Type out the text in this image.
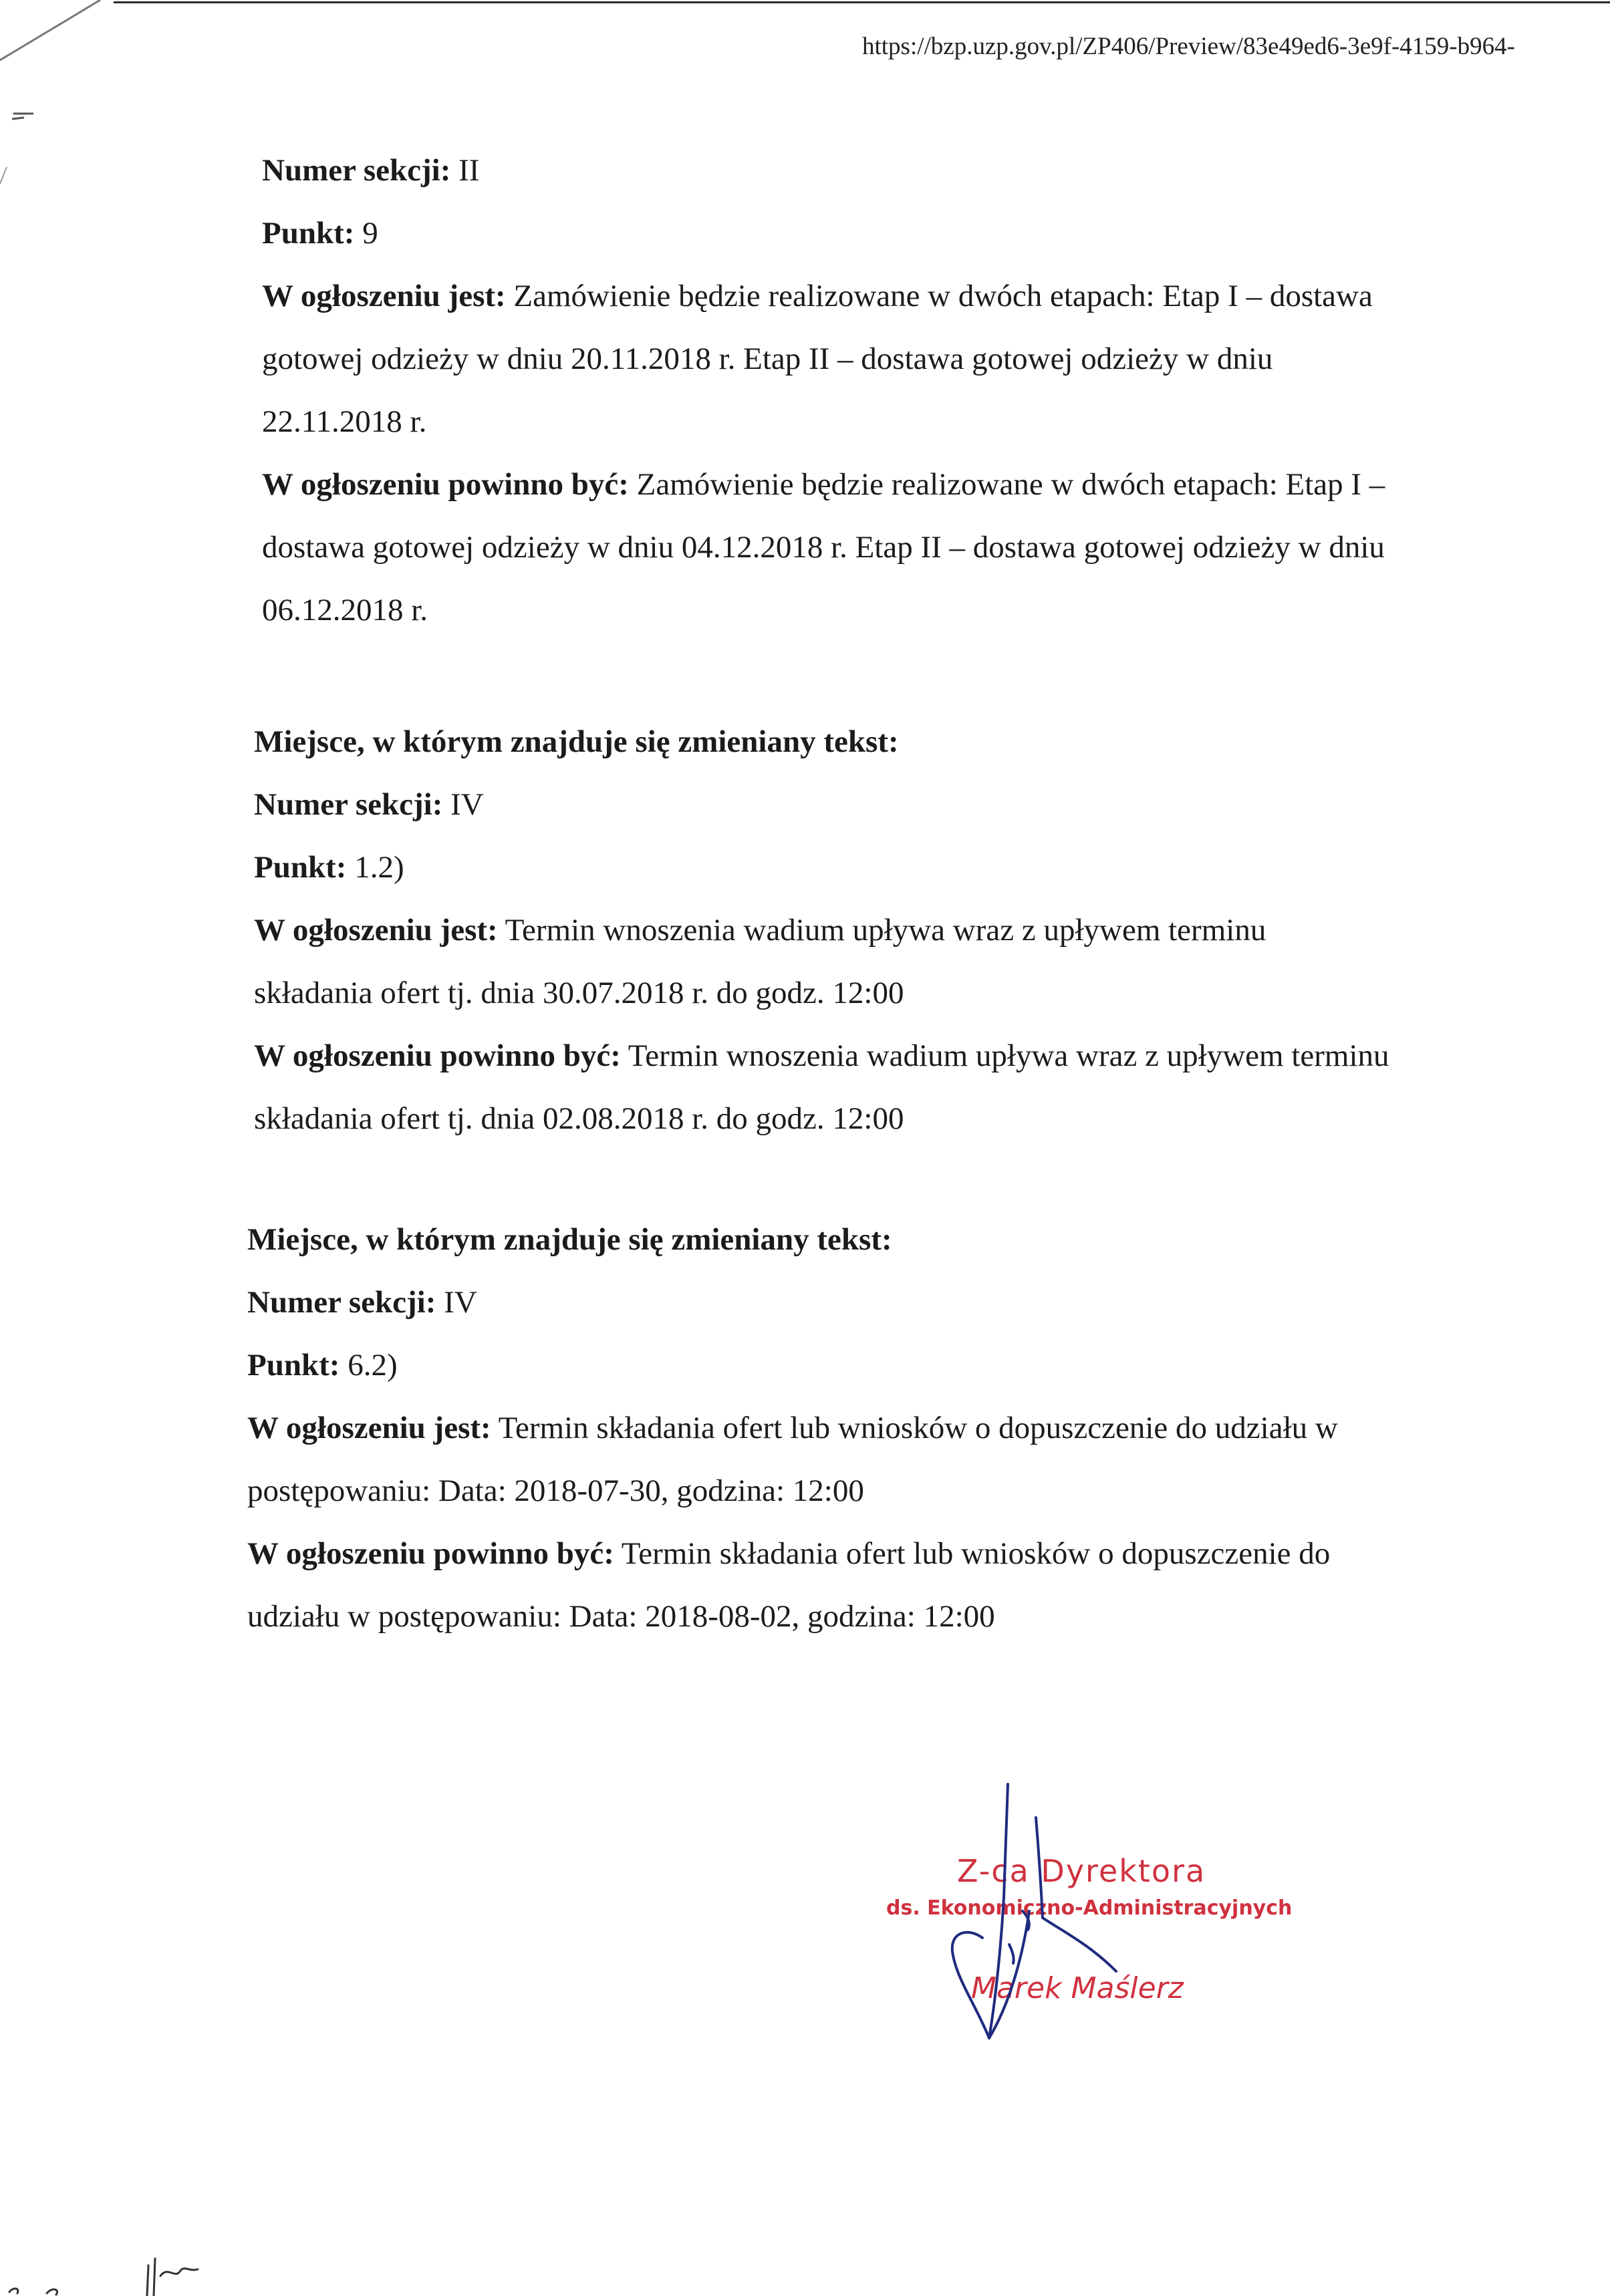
https://bzp.uzp.gov.pl/ZP406/Preview/83e49ed6-3e9f-4159-b964-
Numer sekcji: II
Punkt: 9
W ogłoszeniu jest: Zamówienie będzie realizowane w dwóch etapach: Etap I – dostawa
gotowej odzieży w dniu 20.11.2018 r. Etap II – dostawa gotowej odzieży w dniu
22.11.2018 r.
W ogłoszeniu powinno być: Zamówienie będzie realizowane w dwóch etapach: Etap I –
dostawa gotowej odzieży w dniu 04.12.2018 r. Etap II – dostawa gotowej odzieży w dniu
06.12.2018 r.
Miejsce, w którym znajduje się zmieniany tekst:
Numer sekcji: IV
Punkt: 1.2)
W ogłoszeniu jest: Termin wnoszenia wadium upływa wraz z upływem terminu
składania ofert tj. dnia 30.07.2018 r. do godz. 12:00
W ogłoszeniu powinno być: Termin wnoszenia wadium upływa wraz z upływem terminu
składania ofert tj. dnia 02.08.2018 r. do godz. 12:00
Miejsce, w którym znajduje się zmieniany tekst:
Numer sekcji: IV
Punkt: 6.2)
W ogłoszeniu jest: Termin składania ofert lub wniosków o dopuszczenie do udziału w
postępowaniu: Data: 2018-07-30, godzina: 12:00
W ogłoszeniu powinno być: Termin składania ofert lub wniosków o dopuszczenie do
udziału w postępowaniu: Data: 2018-08-02, godzina: 12:00
Z-ca Dyrektora
ds. Ekonomiczno-Administracyjnych
Marek Maślerz
